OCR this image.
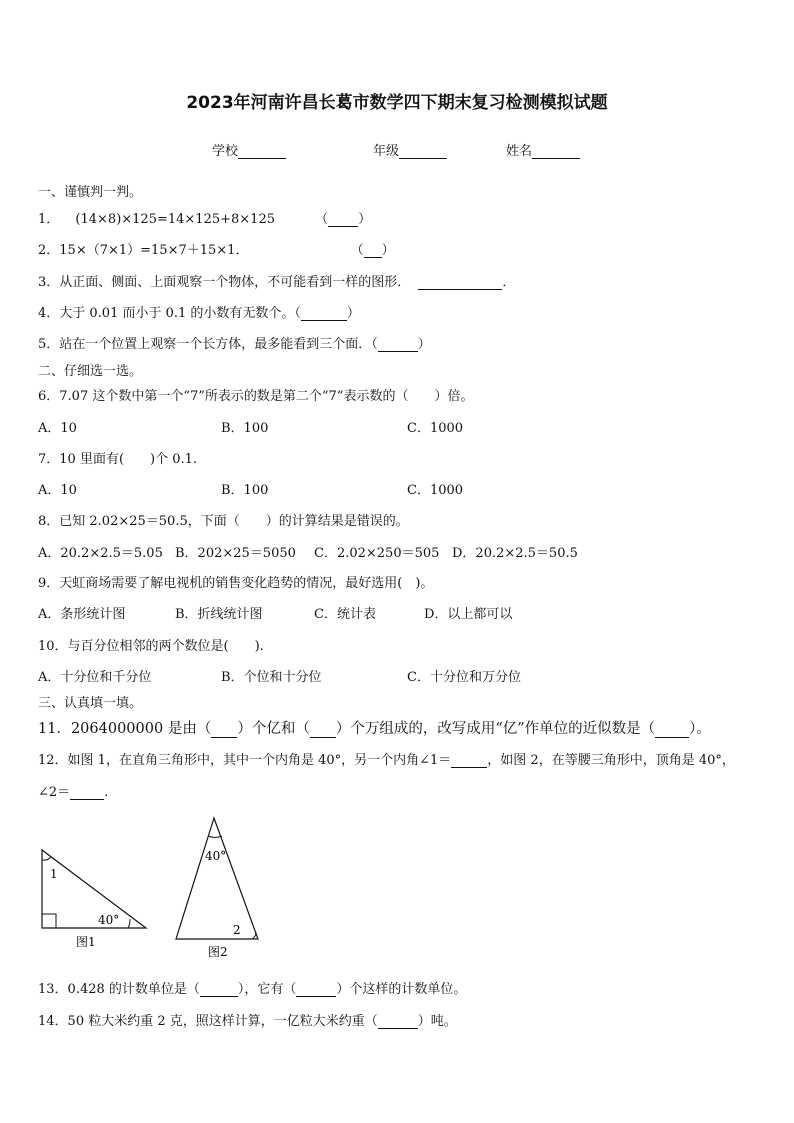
2023年河南许昌长葛市数学四下期末复习检测模拟试题
学校	年级	姓名
一、谨慎判一判。
1． (14×8)×125=14×125+8×125	（ ）
2．15×（7×1）=15×7＋15×1．	（ ）
3．从正面、侧面、上面观察一个物体，不可能看到一样的图形．	．
4．大于 0.01 而小于 0.1 的小数有无数个。（	）
5．站在一个位置上观察一个长方体，最多能看到三个面．（	）
二、仔细选一选。
6．7.07 这个数中第一个“7”所表示的数是第二个“7”表示数的（　　）倍。
A．10	B．100	C．1000
7．10 里面有(　　)个 0.1.
A．10	B．100	C．1000
8．已知 2.02×25＝50.5，下面（　　）的计算结果是错误的。
A．20.2×2.5＝5.05 B．202×25＝5050 C．2.02×250＝505 D．20.2×2.5＝50.5
9．天虹商场需要了解电视机的销售变化趋势的情况，最好选用(　)。
A．条形统计图	B．折线统计图	C．统计表	D．以上都可以
10．与百分位相邻的两个数位是(　　).
A．十分位和千分位	B．个位和十分位	C．十分位和万分位
三、认真填一填。
11．2064000000 是由（ ）个亿和（ ）个万组成的，改写成用“亿”作单位的近似数是（ ）。
12．如图 1，在直角三角形中，其中一个内角是 40°，另一个内角∠1＝	，如图 2，在等腰三角形中，顶角是 40°，
∠2＝	.
1
40°
图1
40°
2
图2
13．0.428 的计数单位是（	），它有（	）个这样的计数单位。
14．50 粒大米约重 2 克，照这样计算，一亿粒大米约重（	）吨。
